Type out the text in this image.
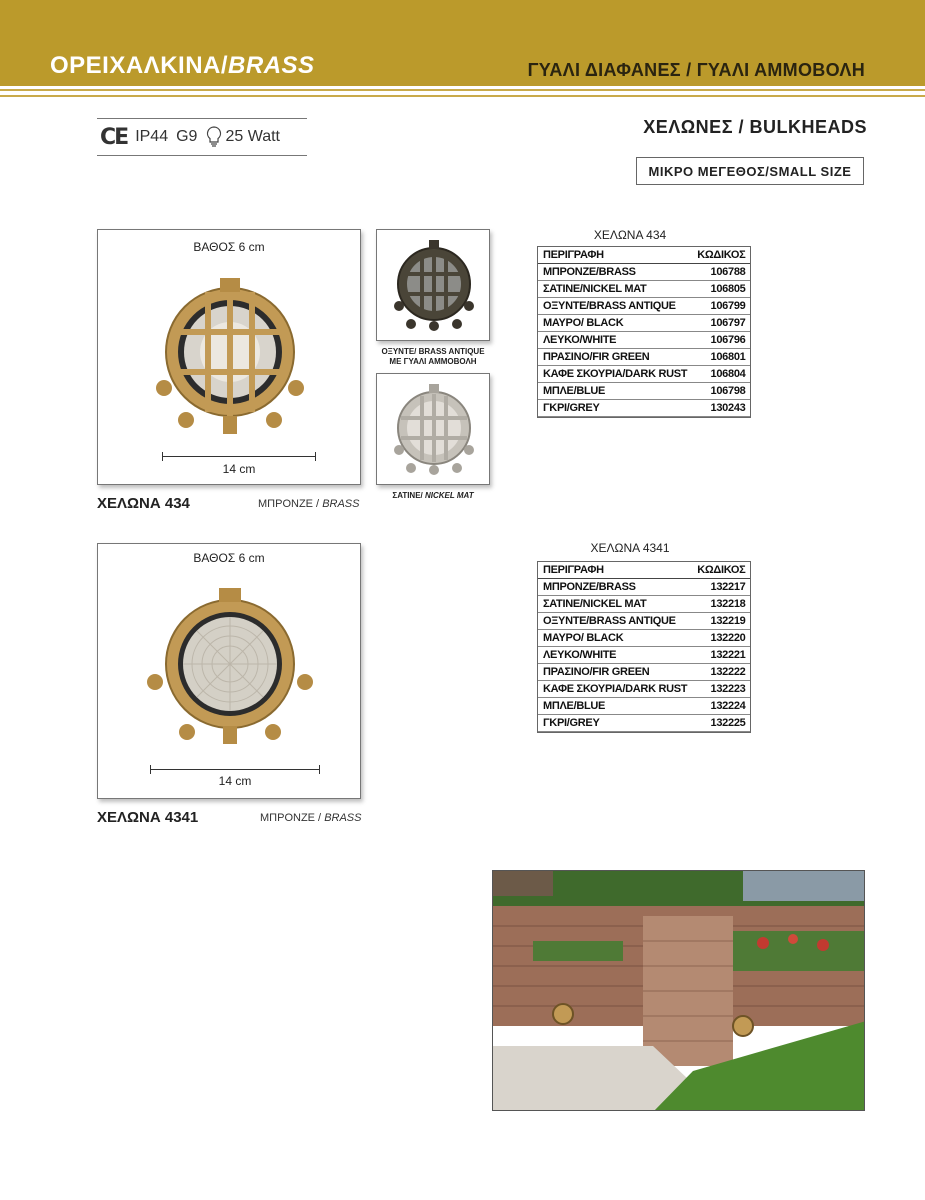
ΟΡΕΙΧΑΛΚΙΝΑ/BRASS	ΓΥΑΛΙ ΔΙΑΦΑΝΕΣ / ΓΥΑΛΙ ΑΜΜΟΒΟΛΗ
CE IP44 G9 25 Watt	ΧΕΛΩΝΕΣ / BULKHEADS
ΜΙΚΡΟ ΜΕΓΕΘΟΣ/SMALL SIZE
ΒΑΘΟΣ 6 cm
14 cm
ΧΕΛΩΝΑ 434	ΜΠΡΟΝΖΕ / BRASS
ΟΞΥΝΤΕ/ BRASS ANTIQUE
ΜΕ ΓΥΑΛΙ ΑΜΜΟΒΟΛΗ
ΣΑΤΙΝΕ/ NICKEL MAT
ΧΕΛΩΝΑ 434
ΠΕΡΙΓΡΑΦΗ	ΚΩΔΙΚΟΣ
ΜΠΡΟΝΖΕ/BRASS	106788
ΣΑΤΙΝΕ/NICKEL MAT	106805
ΟΞΥΝΤΕ/BRASS ANTIQUE	106799
ΜΑΥΡΟ/ BLACK	106797
ΛΕΥΚΟ/WHITE	106796
ΠΡΑΣΙΝΟ/FIR GREEN	106801
ΚΑΦΕ ΣΚΟΥΡΙΑ/DARK RUST	106804
ΜΠΛΕ/BLUE	106798
ΓΚΡΙ/GREY	130243
ΒΑΘΟΣ 6 cm
14 cm
ΧΕΛΩΝΑ 4341	ΜΠΡΟΝΖΕ / BRASS
ΧΕΛΩΝΑ 4341
ΠΕΡΙΓΡΑΦΗ	ΚΩΔΙΚΟΣ
ΜΠΡΟΝΖΕ/BRASS	132217
ΣΑΤΙΝΕ/NICKEL MAT	132218
ΟΞΥΝΤΕ/BRASS ANTIQUE	132219
ΜΑΥΡΟ/ BLACK	132220
ΛΕΥΚΟ/WHITE	132221
ΠΡΑΣΙΝΟ/FIR GREEN	132222
ΚΑΦΕ ΣΚΟΥΡΙΑ/DARK RUST	132223
ΜΠΛΕ/BLUE	132224
ΓΚΡΙ/GREY	132225
